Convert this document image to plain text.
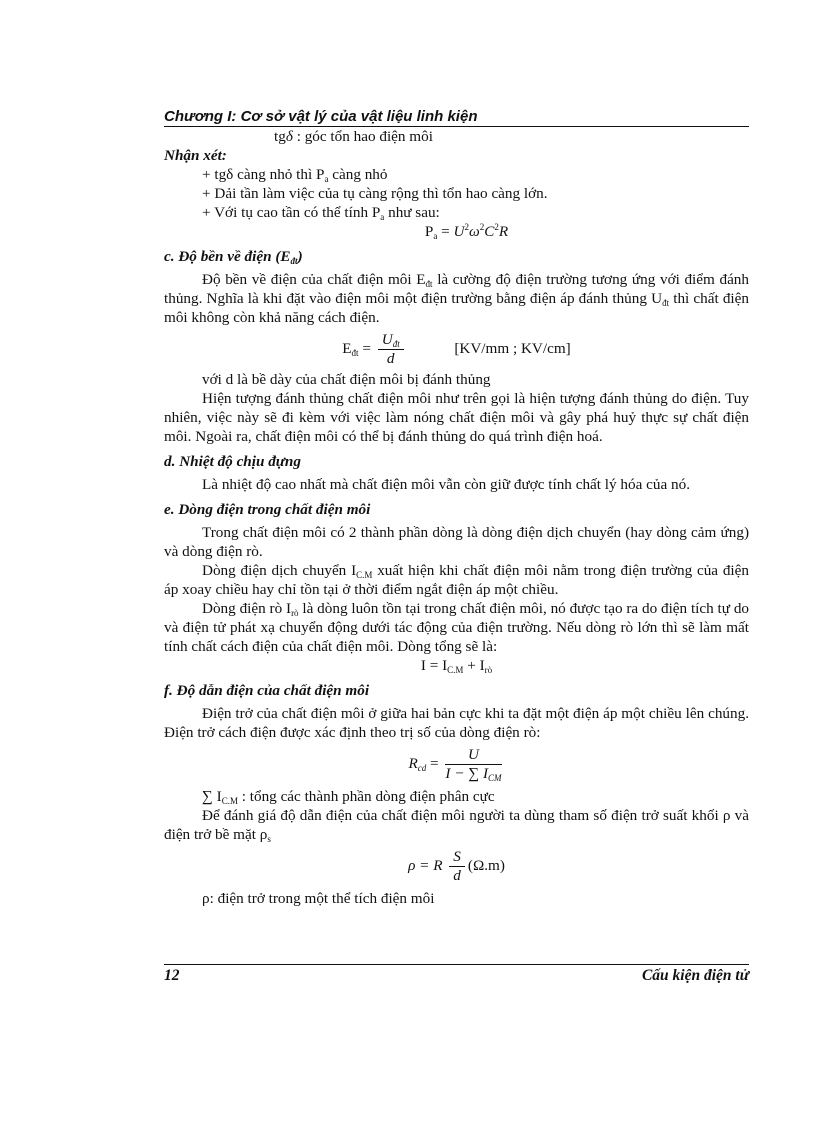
Chương I: Cơ sở vật lý của vật liệu linh kiện

tgδ : góc tổn hao điện môi

Nhận xét:

+ tgδ càng nhỏ thì $P_a$ càng nhỏ

+ Dải tần làm việc của tụ càng rộng thì tổn hao càng lớn.

+ Với tụ cao tần có thể tính $P_a$ như sau:

$P_a = U^2\omega^2C^2R$

c. Độ bền về điện $(E_{đt})$

Độ bền về điện của chất điện môi $E_{đt}$ là cường độ điện trường tương ứng với điểm đánh thủng. Nghĩa là khi đặt vào điện môi một điện trường bằng điện áp đánh thủng $U_{đt}$ thì chất điện môi không còn khả năng cách điện.

$E_{đt} = \frac{U_{đt}}{d}$	[KV/mm ; KV/cm]

với d là bề dày của chất điện môi bị đánh thủng

Hiện tượng đánh thủng chất điện môi như trên gọi là hiện tượng đánh thủng do điện. Tuy nhiên, việc này sẽ đi kèm với việc làm nóng chất điện môi và gây phá huỷ thực sự chất điện môi. Ngoài ra, chất điện môi có thể bị đánh thủng do quá trình điện hoá.

d. Nhiệt độ chịu đựng

Là nhiệt độ cao nhất mà chất điện môi vẫn còn giữ được tính chất lý hóa của nó.

e. Dòng điện trong chất điện môi

Trong chất điện môi có 2 thành phần dòng là dòng điện dịch chuyển (hay dòng cảm ứng) và dòng điện rò.

Dòng điện dịch chuyển $I_{C.M}$ xuất hiện khi chất điện môi nằm trong điện trường của điện áp xoay chiều hay chỉ tồn tại ở thời điểm ngắt điện áp một chiều.

Dòng điện rò $I_{rò}$ là dòng luôn tồn tại trong chất điện môi, nó được tạo ra do điện tích tự do và điện tử phát xạ chuyển động dưới tác động của điện trường. Nếu dòng rò lớn thì sẽ làm mất tính chất cách điện của chất điện môi. Dòng tổng sẽ là:

$I = I_{C.M} + I_{rò}$

f. Độ dẫn điện của chất điện môi

Điện trở của chất điện môi ở giữa hai bản cực khi ta đặt một điện áp một chiều lên chúng. Điện trở cách điện được xác định theo trị số của dòng điện rò:

$R_{cd} = \frac{U}{I - \sum I_{CM}}$

∑ $I_{C.M}$ : tổng các thành phần dòng điện phân cực

Để đánh giá độ dẫn điện của chất điện môi người ta dùng tham số điện trở suất khối ρ và điện trở bề mặt $\rho_s$

ρ = R $\frac{S}{d} (\Omega.m)$

ρ: điện trở trong một thể tích điện môi

12	Cấu kiện điện tử
